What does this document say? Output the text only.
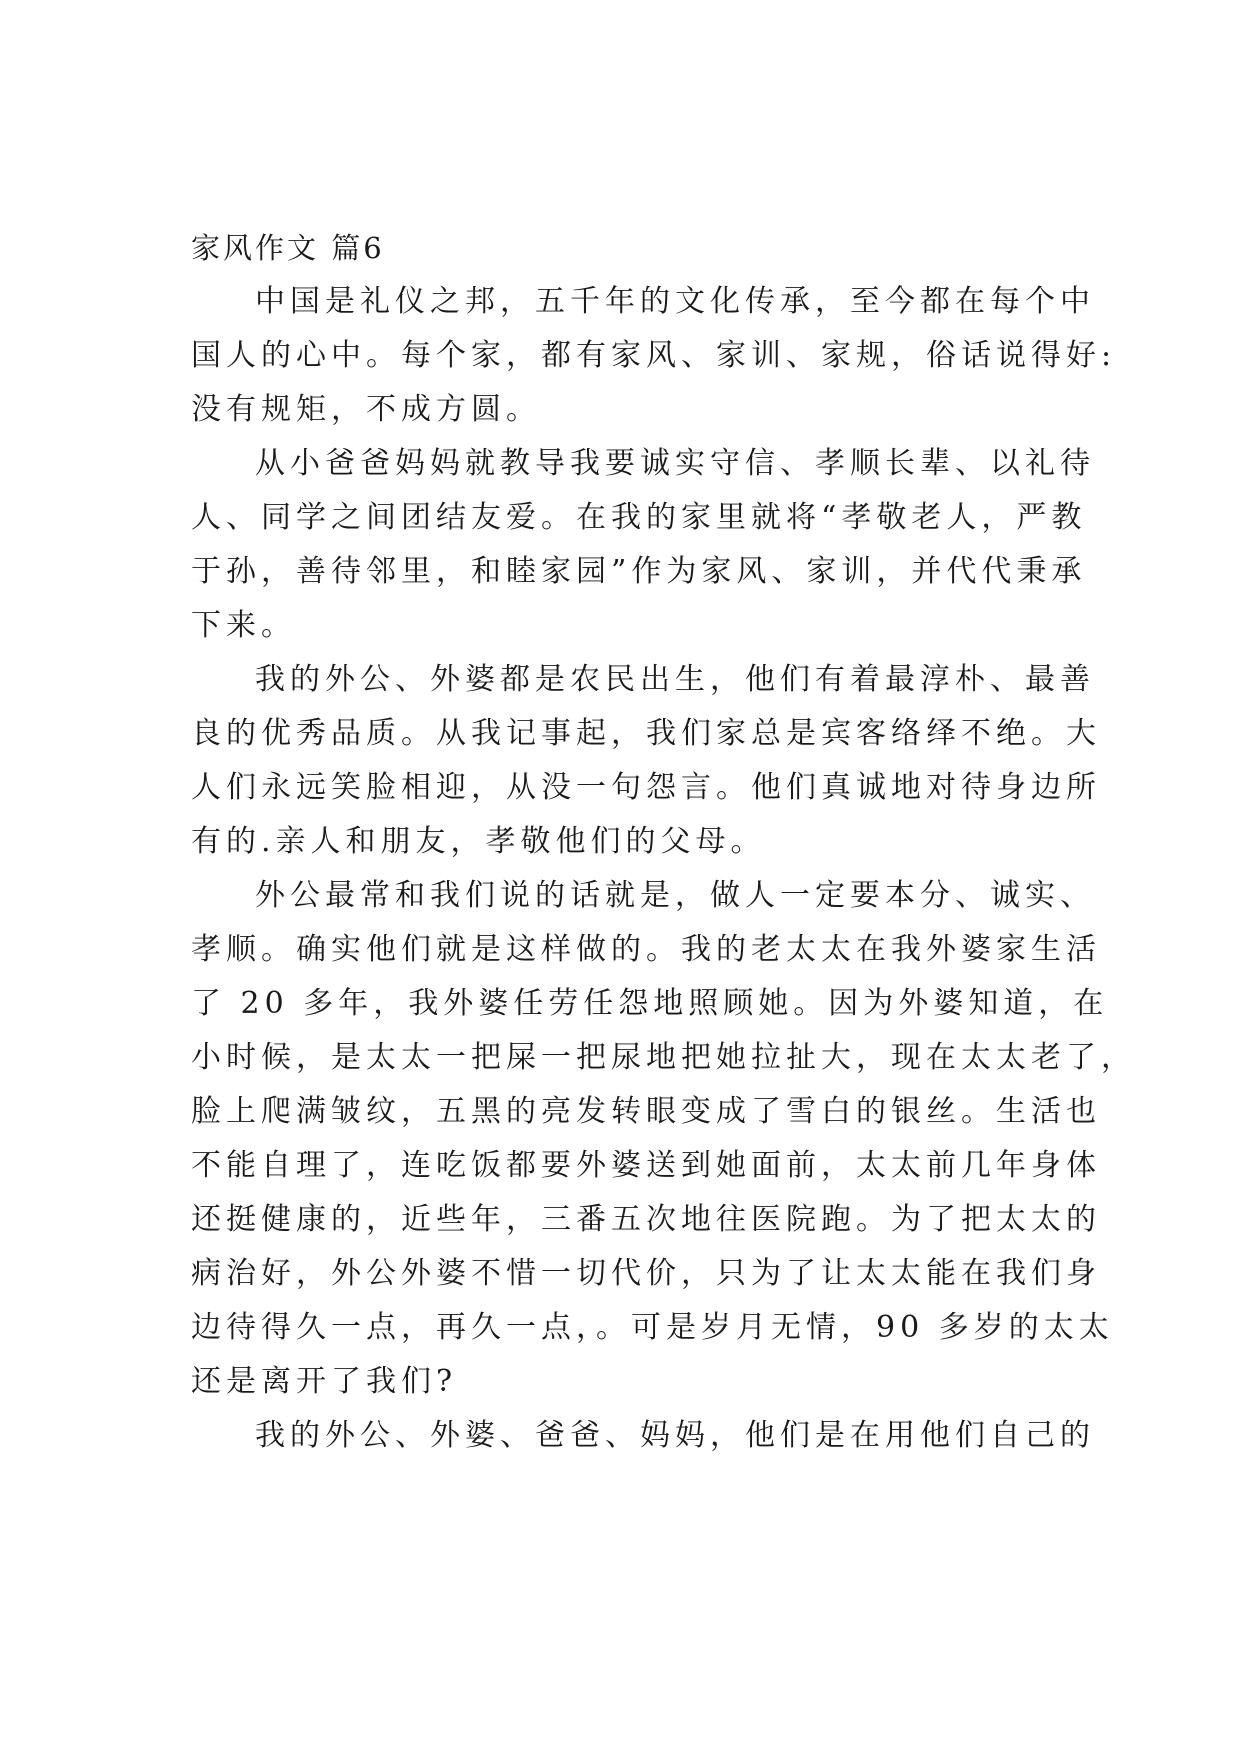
家风作文 篇6
中国是礼仪之邦，五千年的文化传承，至今都在每个中
国人的心中。每个家，都有家风、家训、家规，俗话说得好:
没有规矩，不成方圆。
从小爸爸妈妈就教导我要诚实守信、孝顺长辈、以礼待
人、同学之间团结友爱。在我的家里就将“孝敬老人，严教
于孙，善待邻里，和睦家园”作为家风、家训，并代代秉承
下来。
我的外公、外婆都是农民出生，他们有着最淳朴、最善
良的优秀品质。从我记事起，我们家总是宾客络绎不绝。大
人们永远笑脸相迎，从没一句怨言。他们真诚地对待身边所
有的.亲人和朋友，孝敬他们的父母。
外公最常和我们说的话就是，做人一定要本分、诚实、
孝顺。确实他们就是这样做的。我的老太太在我外婆家生活
了 20 多年，我外婆任劳任怨地照顾她。因为外婆知道，在
小时候，是太太一把屎一把尿地把她拉扯大，现在太太老了，
脸上爬满皱纹，五黑的亮发转眼变成了雪白的银丝。生活也
不能自理了，连吃饭都要外婆送到她面前，太太前几年身体
还挺健康的，近些年，三番五次地往医院跑。为了把太太的
病治好，外公外婆不惜一切代价，只为了让太太能在我们身
边待得久一点，再久一点，。可是岁月无情，90 多岁的太太
还是离开了我们?
我的外公、外婆、爸爸、妈妈，他们是在用他们自己的
